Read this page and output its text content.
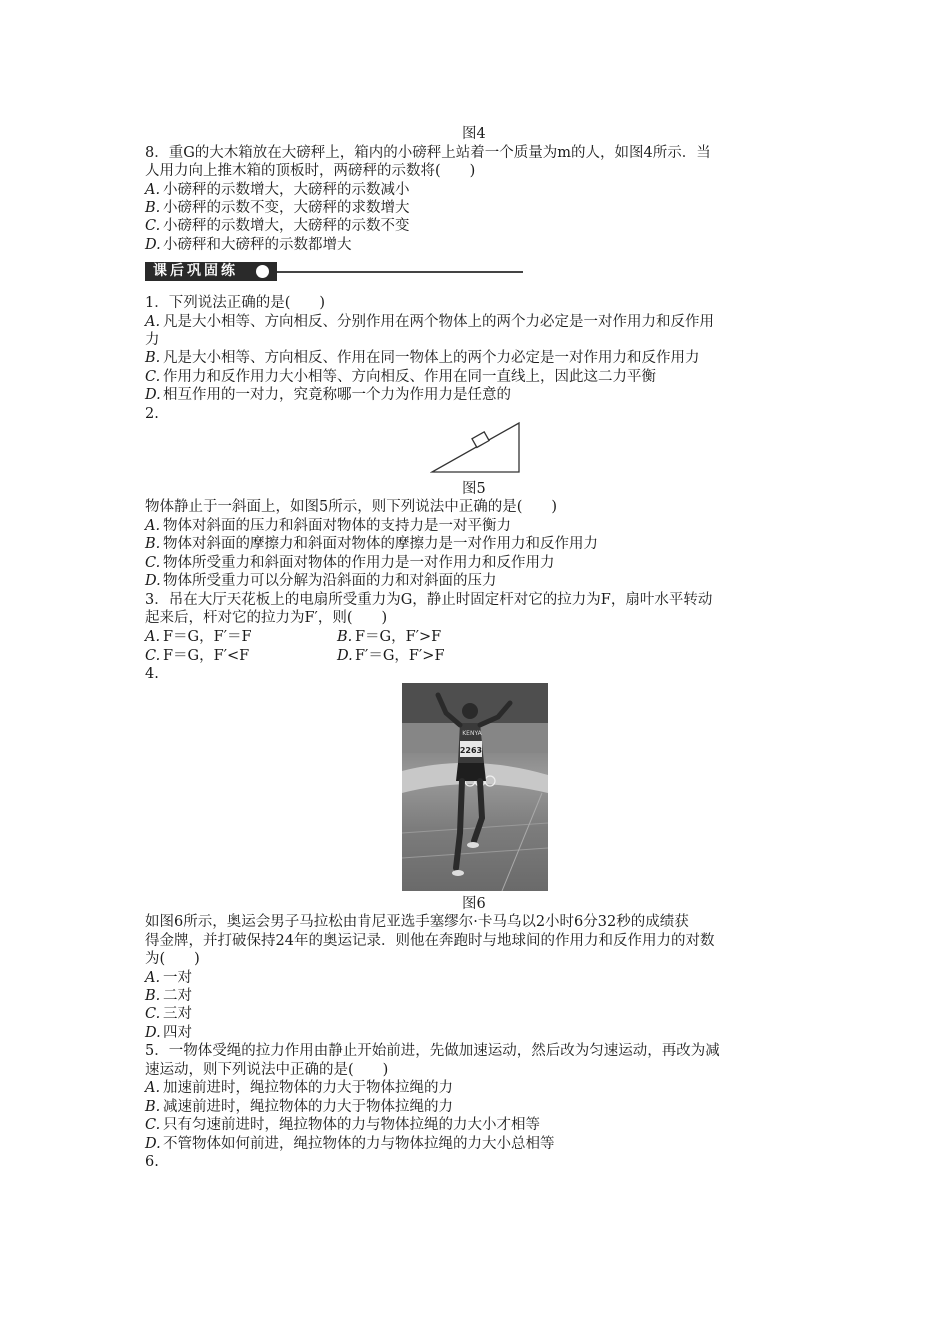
图4
8．重G的大木箱放在大磅秤上，箱内的小磅秤上站着一个质量为m的人，如图4所示．当
人用力向上推木箱的顶板时，两磅秤的示数将(　　)
A. 小磅秤的示数增大，大磅秤的示数减小
B. 小磅秤的示数不变，大磅秤的求数增大
C. 小磅秤的示数增大，大磅秤的示数不变
D. 小磅秤和大磅秤的示数都增大
课后巩固练
1．下列说法正确的是(　　)
A. 凡是大小相等、方向相反、分别作用在两个物体上的两个力必定是一对作用力和反作用
力
B. 凡是大小相等、方向相反、作用在同一物体上的两个力必定是一对作用力和反作用力
C. 作用力和反作用力大小相等、方向相反、作用在同一直线上，因此这二力平衡
D. 相互作用的一对力，究竟称哪一个力为作用力是任意的
2.
图5
物体静止于一斜面上，如图5所示，则下列说法中正确的是(　　)
A. 物体对斜面的压力和斜面对物体的支持力是一对平衡力
B. 物体对斜面的摩擦力和斜面对物体的摩擦力是一对作用力和反作用力
C. 物体所受重力和斜面对物体的作用力是一对作用力和反作用力
D. 物体所受重力可以分解为沿斜面的力和对斜面的压力
3．吊在大厅天花板上的电扇所受重力为G，静止时固定杆对它的拉力为F，扇叶水平转动
起来后，杆对它的拉力为F′，则(　　)
A. F＝G，F′＝F	B. F＝G，F′>F
C. F＝G，F′<F	D. F′＝G，F′>F
4.
2263
KENYA
图6
如图6所示，奥运会男子马拉松由肯尼亚选手塞缪尔·卡马乌以2小时6分32秒的成绩获
得金牌，并打破保持24年的奥运记录．则他在奔跑时与地球间的作用力和反作用力的对数
为(　　)
A. 一对
B. 二对
C. 三对
D. 四对
5．一物体受绳的拉力作用由静止开始前进，先做加速运动，然后改为匀速运动，再改为减
速运动，则下列说法中正确的是(　　)
A. 加速前进时，绳拉物体的力大于物体拉绳的力
B. 减速前进时，绳拉物体的力大于物体拉绳的力
C. 只有匀速前进时，绳拉物体的力与物体拉绳的力大小才相等
D. 不管物体如何前进，绳拉物体的力与物体拉绳的力大小总相等
6.
